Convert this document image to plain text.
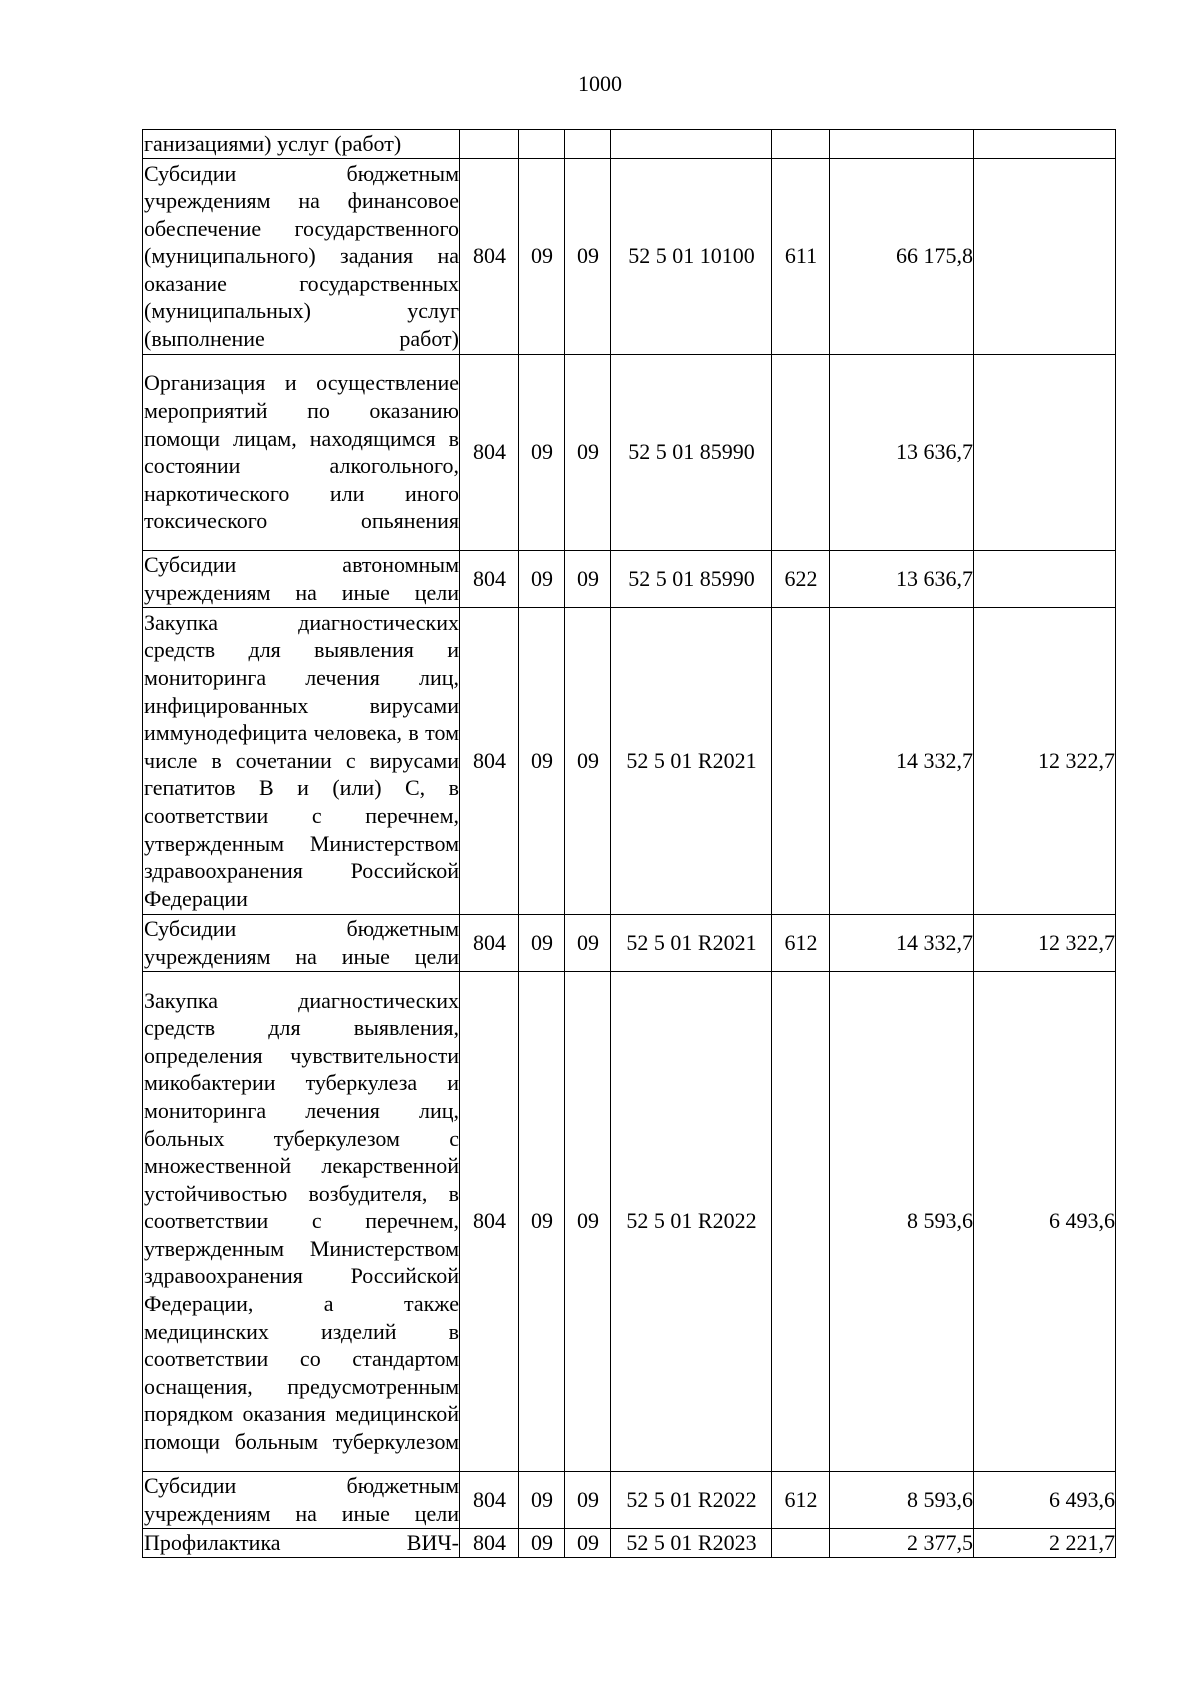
1000
ганизациями) услуг (работ)							
Субсидии бюджетным учреждениям на финансовое обеспечение государственного (муниципального) задания на оказание государственных (муниципальных) услуг (выполнение работ)	804	09	09	52 5 01 10100	611	66 175,8	
Организация и осуществление мероприятий по оказанию помощи лицам, находящимся в состоянии алкогольного, наркотического или иного токсического опьянения	804	09	09	52 5 01 85990		13 636,7	
Субсидии автономным учреждениям на иные цели	804	09	09	52 5 01 85990	622	13 636,7	
Закупка диагностических средств для выявления и мониторинга лечения лиц, инфицированных вирусами иммунодефицита человека, в том числе в сочетании с вирусами гепатитов В и (или) С, в соответствии с перечнем, утвержденным Министерством здравоохранения Российской Федерации	804	09	09	52 5 01 R2021		14 332,7	12 322,7
Субсидии бюджетным учреждениям на иные цели	804	09	09	52 5 01 R2021	612	14 332,7	12 322,7
Закупка диагностических средств для выявления, определения чувствительности микобактерии туберкулеза и мониторинга лечения лиц, больных туберкулезом с множественной лекарственной устойчивостью возбудителя, в соответствии с перечнем, утвержденным Министерством здравоохранения Российской Федерации, а также медицинских изделий в соответствии со стандартом оснащения, предусмотренным порядком оказания медицинской помощи больным туберкулезом	804	09	09	52 5 01 R2022		8 593,6	6 493,6
Субсидии бюджетным учреждениям на иные цели	804	09	09	52 5 01 R2022	612	8 593,6	6 493,6
Профилактика ВИЧ-	804	09	09	52 5 01 R2023		2 377,5	2 221,7
